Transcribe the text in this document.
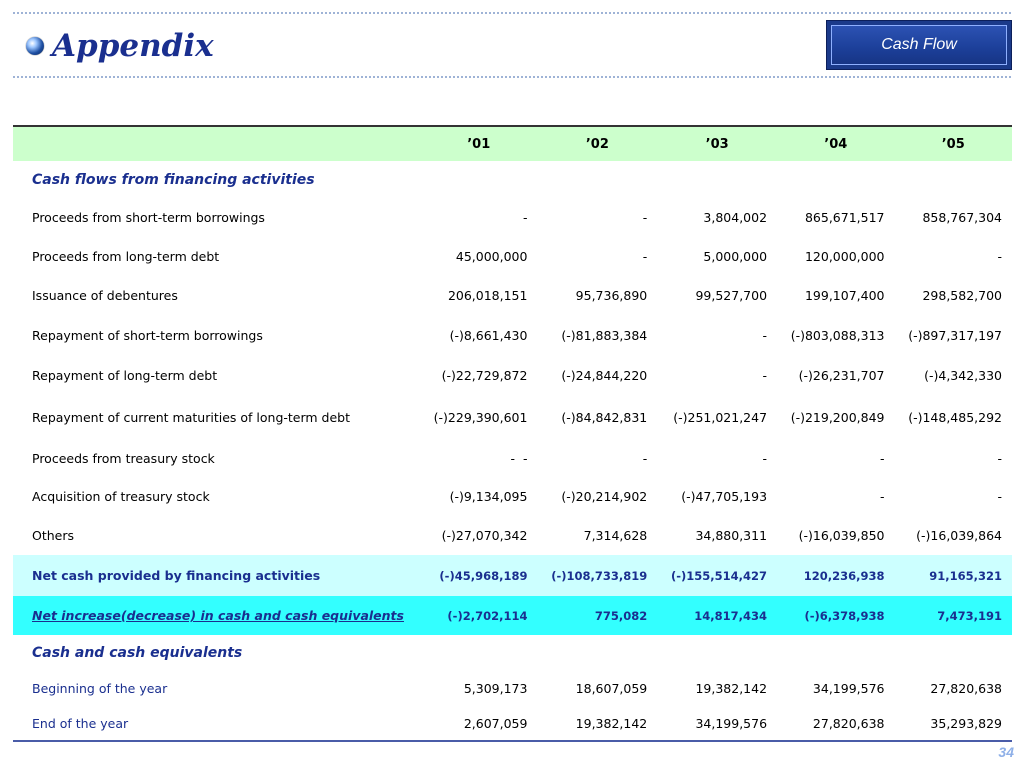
Appendix	Cash Flow
	’01	’02	’03	’04	’05
Cash flows from financing activities					
Proceeds from short-term borrowings	-	-	3,804,002	865,671,517	858,767,304
Proceeds from long-term debt	45,000,000	-	5,000,000	120,000,000	-
Issuance of debentures	206,018,151	95,736,890	99,527,700	199,107,400	298,582,700
Repayment of short-term borrowings	(-)8,661,430	(-)81,883,384	-	(-)803,088,313	(-)897,317,197
Repayment of long-term debt	(-)22,729,872	(-)24,844,220	-	(-)26,231,707	(-)4,342,330
Repayment of current maturities of long-term debt	(-)229,390,601	(-)84,842,831	(-)251,021,247	(-)219,200,849	(-)148,485,292
Proceeds from treasury stock	-  -	-	-	-	-
Acquisition of treasury stock	(-)9,134,095	(-)20,214,902	(-)47,705,193	-	-
Others	(-)27,070,342	7,314,628	34,880,311	(-)16,039,850	(-)16,039,864
Net cash provided by financing activities	(-)45,968,189	(-)108,733,819	(-)155,514,427	120,236,938	91,165,321
Net increase(decrease) in cash and cash equivalents	(-)2,702,114	775,082	14,817,434	(-)6,378,938	7,473,191
Cash and cash equivalents					
Beginning of the year	5,309,173	18,607,059	19,382,142	34,199,576	27,820,638
End of the year	2,607,059	19,382,142	34,199,576	27,820,638	35,293,829
34
